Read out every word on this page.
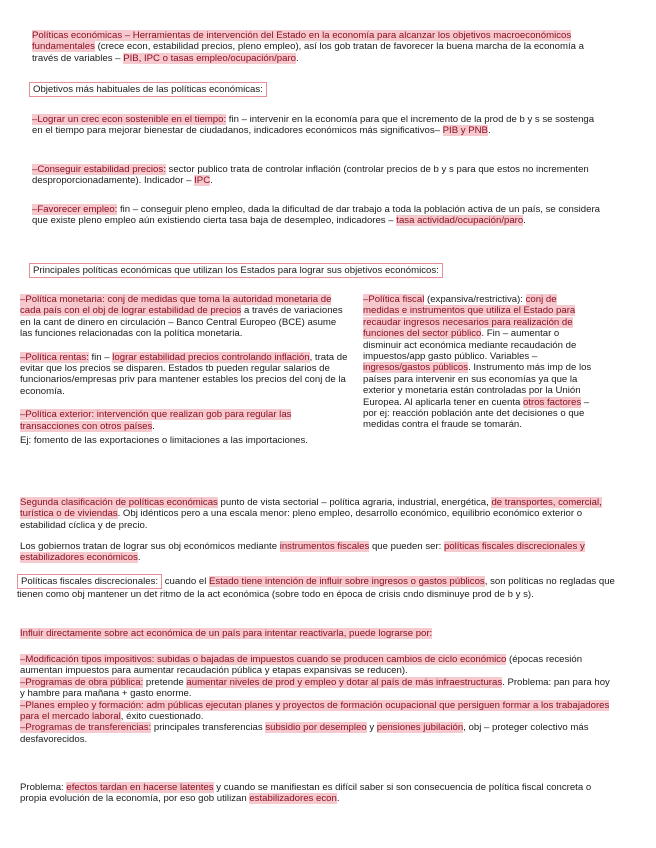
Políticas económicas – Herramientas de intervención del Estado en la economía para alcanzar los objetivos macroeconómicos fundamentales (crece econ, estabilidad precios, pleno empleo), así los gob tratan de favorecer la buena marcha de la economía a través de variables – PIB, IPC o tasas empleo/ocupación/paro.

Objetivos más habituales de las políticas económicas:

–Lograr un crec econ sostenible en el tiempo: fin – intervenir en la economía para que el incremento de la prod de b y s se sostenga en el tiempo para mejorar bienestar de ciudadanos, indicadores económicos más significativos– PIB y PNB.

–Conseguir estabilidad precios: sector publico trata de controlar inflación (controlar precios de b y s para que estos no incrementen desproporcionadamente). Indicador – IPC.

–Favorecer empleo: fin – conseguir pleno empleo, dada la dificultad de dar trabajo a toda la población activa de un país, se considera que existe pleno empleo aún existiendo cierta tasa baja de desempleo, indicadores – tasa actividad/ocupación/paro.

Principales políticas económicas que utilizan los Estados para lograr sus objetivos económicos:

–Política monetaria: conj de medidas que toma la autoridad monetaria de cada país con el obj de lograr estabilidad de precios a través de variaciones en la cant de dinero en circulación – Banco Central Europeo (BCE) asume las funciones relacionadas con la política monetaria.

–Política rentas: fin – lograr estabilidad precios controlando inflación, trata de evitar que los precios se disparen. Estados tb pueden regular salarios de funcionarios/empresas priv para mantener estables los precios del conj de la economía.

–Política exterior: intervención que realizan gob para regular las transacciones con otros países.

Ej: fomento de las exportaciones o limitaciones a las importaciones.

–Política fiscal (expansiva/restrictiva): conj de medidas e instrumentos que utiliza el Estado para recaudar ingresos necesarios para realización de funciones del sector público. Fin – aumentar o disminuir act económica mediante recaudación de impuestos/app gasto público. Variables – ingresos/gastos públicos. Instrumento más imp de los países para intervenir en sus economías ya que la exterior y monetaria están controladas por la Unión Europea. Al aplicarla tener en cuenta otros factores – por ej: reacción población ante det decisiones o que medidas contra el fraude se tomarán.

Segunda clasificación de políticas económicas punto de vista sectorial – política agraria, industrial, energética, de transportes, comercial, turística o de viviendas. Obj idénticos pero a una escala menor: pleno empleo, desarrollo económico, equilibrio económico exterior o estabilidad cíclica y de precio.

Los gobiernos tratan de lograr sus obj económicos mediante instrumentos fiscales que pueden ser: políticas fiscales discrecionales y estabilizadores económicos.

Políticas fiscales discrecionales: cuando el Estado tiene intención de influir sobre ingresos o gastos públicos, son políticas no regladas que tienen como obj mantener un det ritmo de la act económica (sobre todo en época de crisis cndo disminuye prod de b y s).

Influir directamente sobre act económica de un país para intentar reactivarla, puede lograrse por:

–Modificación tipos impositivos: subidas o bajadas de impuestos cuando se producen cambios de ciclo económico (épocas recesión aumentan impuestos para aumentar recaudación pública y etapas expansivas se reducen).

–Programas de obra pública: pretende aumentar niveles de prod y empleo y dotar al país de más infraestructuras. Problema: pan para hoy y hambre para mañana + gasto enorme.

–Planes empleo y formación: adm públicas ejecutan planes y proyectos de formación ocupacional que persiguen formar a los trabajadores para el mercado laboral, éxito cuestionado.

–Programas de transferencias: principales transferencias subsidio por desempleo y pensiones jubilación, obj – proteger colectivo más desfavorecidos.

Problema: efectos tardan en hacerse latentes y cuando se manifiestan es difícil saber si son consecuencia de política fiscal concreta o propia evolución de la economía, por eso gob utilizan estabilizadores econ.
